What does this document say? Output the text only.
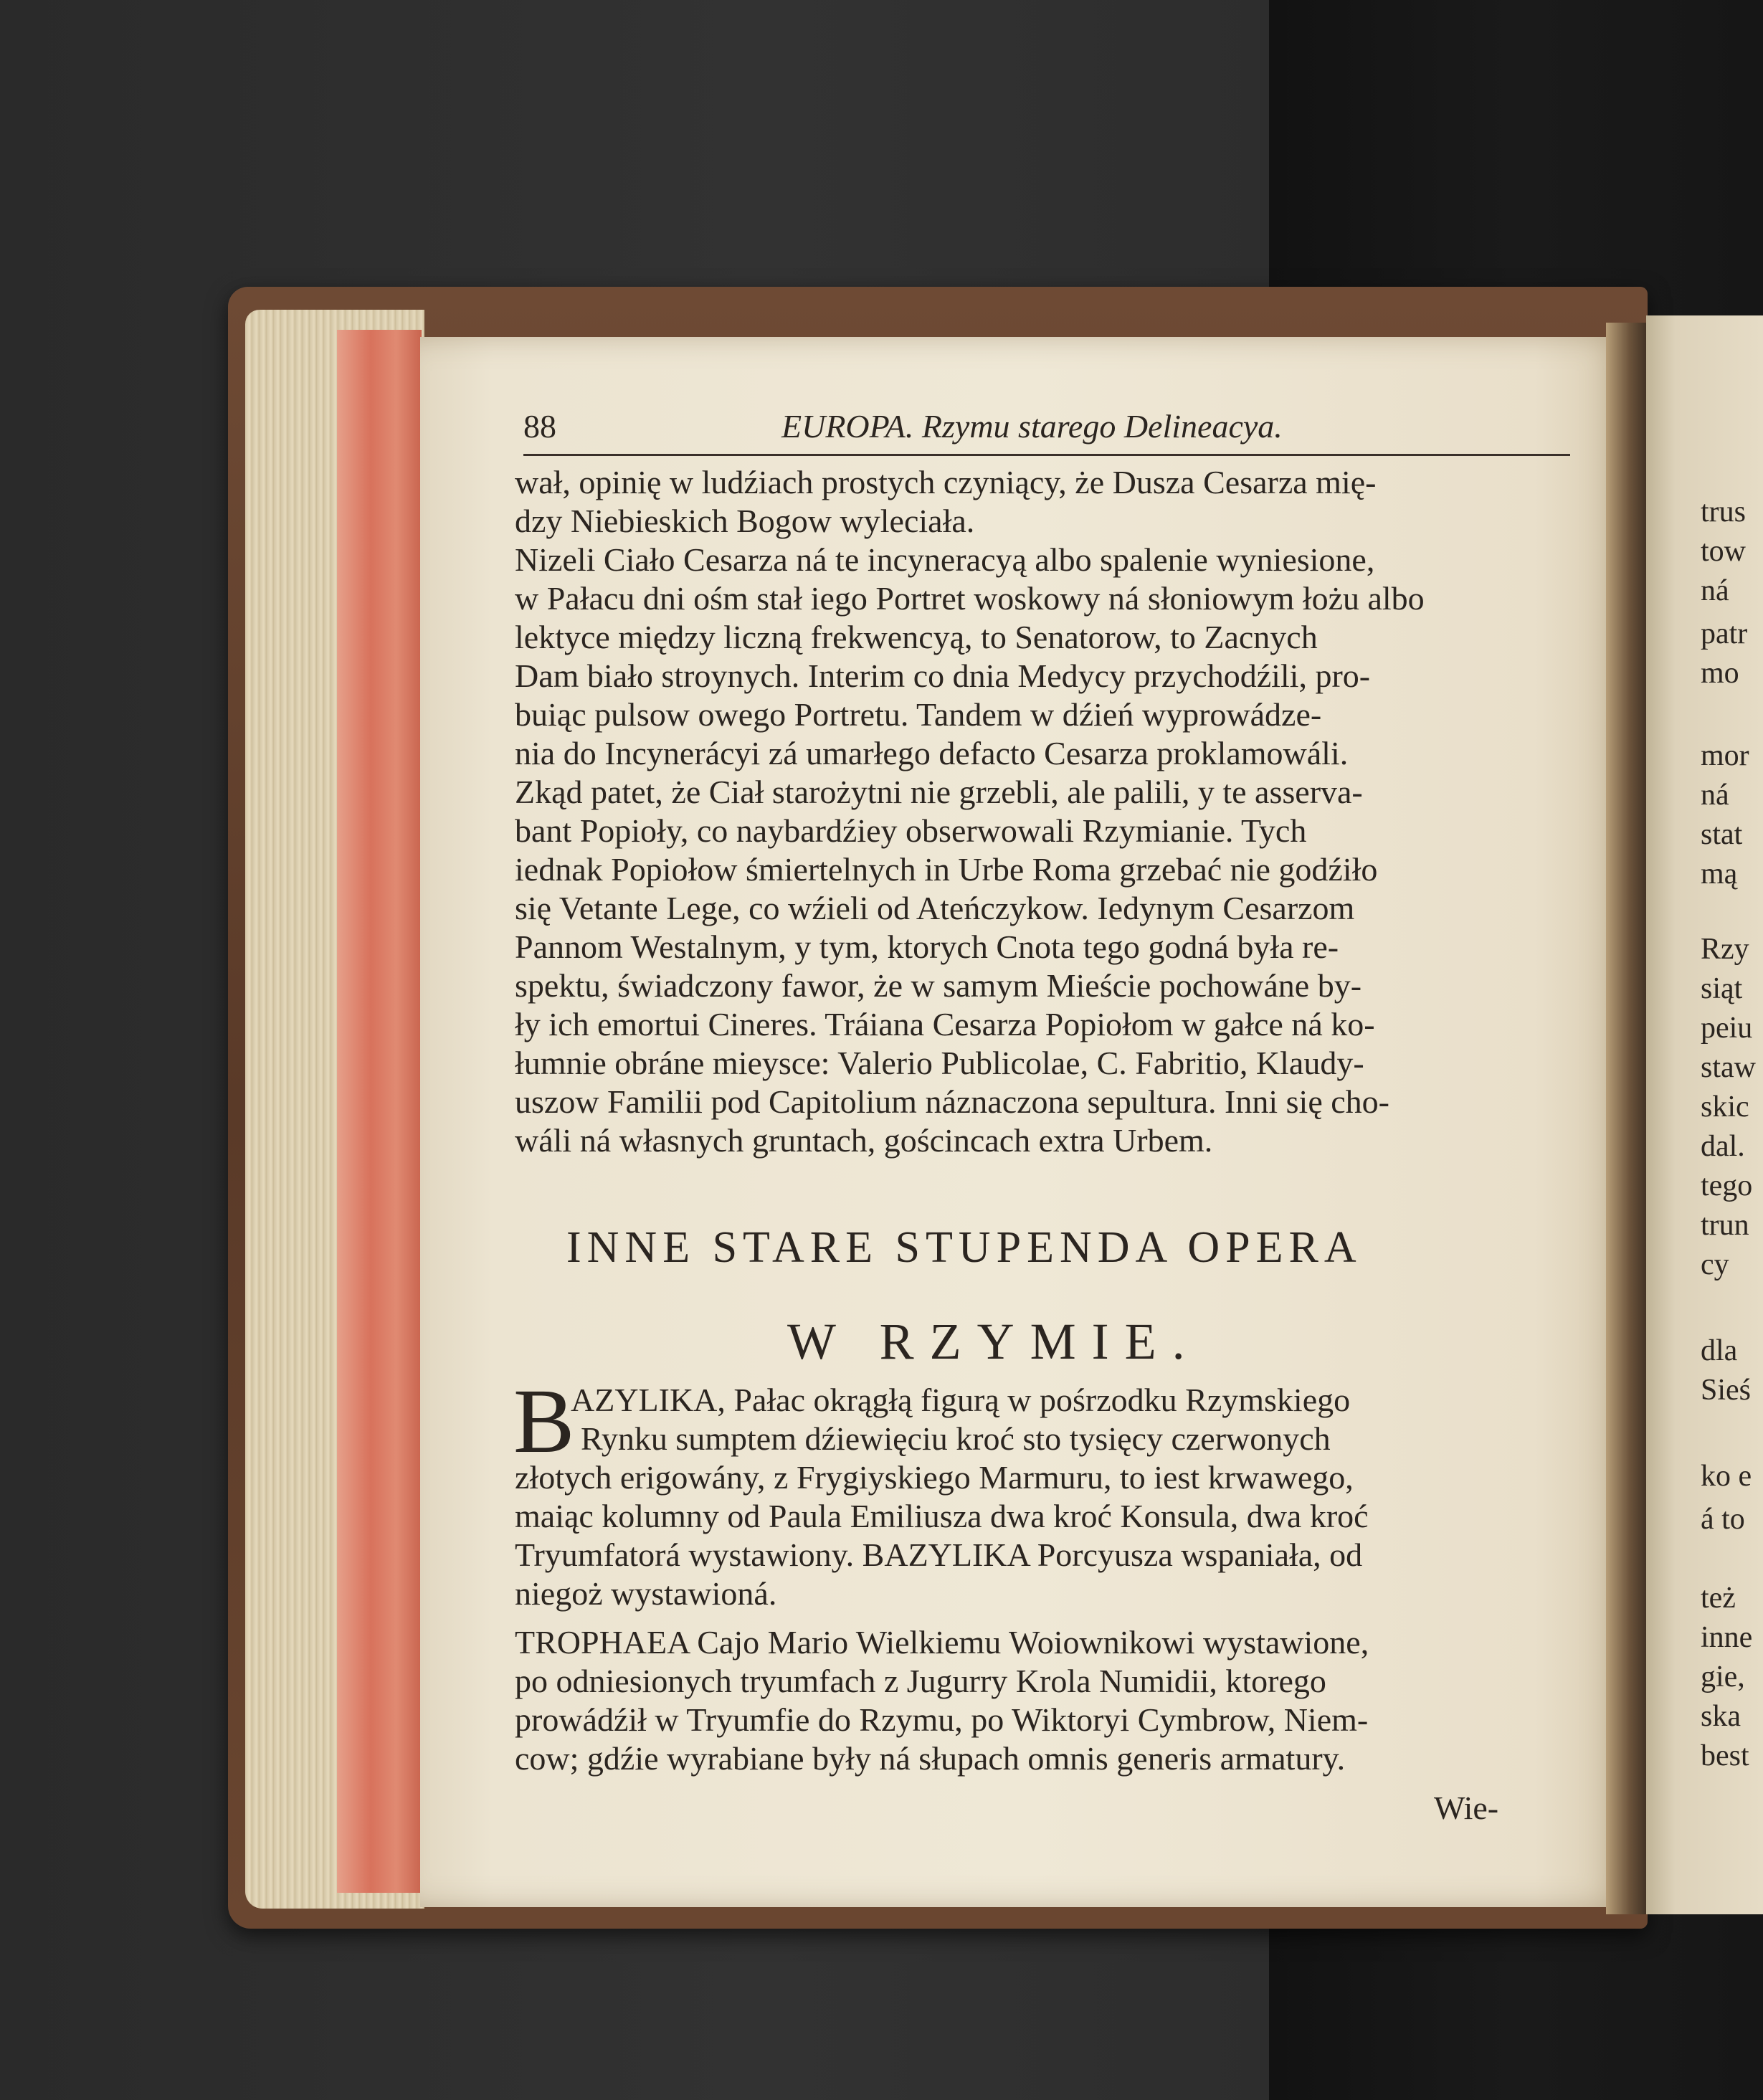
88	EUROPA. Rzymu starego Delineacya.
wał, opinię w ludźiach prostych czyniący, że Dusza Cesarza mię-
dzy Niebieskich Bogow wyleciała.
Nizeli Ciało Cesarza ná te incyneracyą albo spalenie wyniesione,
w Pałacu dni ośm stał iego Portret woskowy ná słoniowym łożu albo
lektyce między liczną frekwencyą, to Senatorow, to Zacnych
Dam biało stroynych. Interim co dnia Medycy przychodźili, pro-
buiąc pulsow owego Portretu. Tandem w dźień wyprowádze-
nia do Incynerácyi zá umarłego defacto Cesarza proklamowáli.
Zkąd patet, że Ciał starożytni nie grzebli, ale palili, y te asserva-
bant Popioły, co naybardźiey obserwowali Rzymianie. Tych
iednak Popiołow śmiertelnych in Urbe Roma grzebać nie godźiło
się Vetante Lege, co wźieli od Ateńczykow. Iedynym Cesarzom
Pannom Westalnym, y tym, ktorych Cnota tego godná była re-
spektu, świadczony fawor, że w samym Mieście pochowáne by-
ły ich emortui Cineres. Tráiana Cesarza Popiołom w gałce ná ko-
łumnie obráne mieysce: Valerio Publicolae, C. Fabritio, Klaudy-
uszow Familii pod Capitolium náznaczona sepultura. Inni się cho-
wáli ná własnych gruntach, gościncach extra Urbem.
INNE STARE STUPENDA OPERA
W RZYMIE.
B
AZYLIKA, Pałac okrągłą figurą w pośrzodku Rzymskiego
Rynku sumptem dźiewięciu kroć sto tysięcy czerwonych
złotych erigowány, z Frygiyskiego Marmuru, to iest krwawego,
maiąc kolumny od Paula Emiliusza dwa kroć Konsula, dwa kroć
Tryumfatorá wystawiony. BAZYLIKA Porcyusza wspaniała, od
niegoż wystawioná.
TROPHAEA Cajo Mario Wielkiemu Woiownikowi wystawione,
po odniesionych tryumfach z Jugurry Krola Numidii, ktorego
prowádźił w Tryumfie do Rzymu, po Wiktoryi Cymbrow, Niem-
cow; gdźie wyrabiane były ná słupach omnis generis armatury.
Wie-
trus
tow
ná
patr
mo
mor
ná
stat
mą
Rzy
siąt
peiu
staw
skic
dal.
tego
trun
cy
dla
Sieś
ko e
á to
też
inne
gie,
ska
best
